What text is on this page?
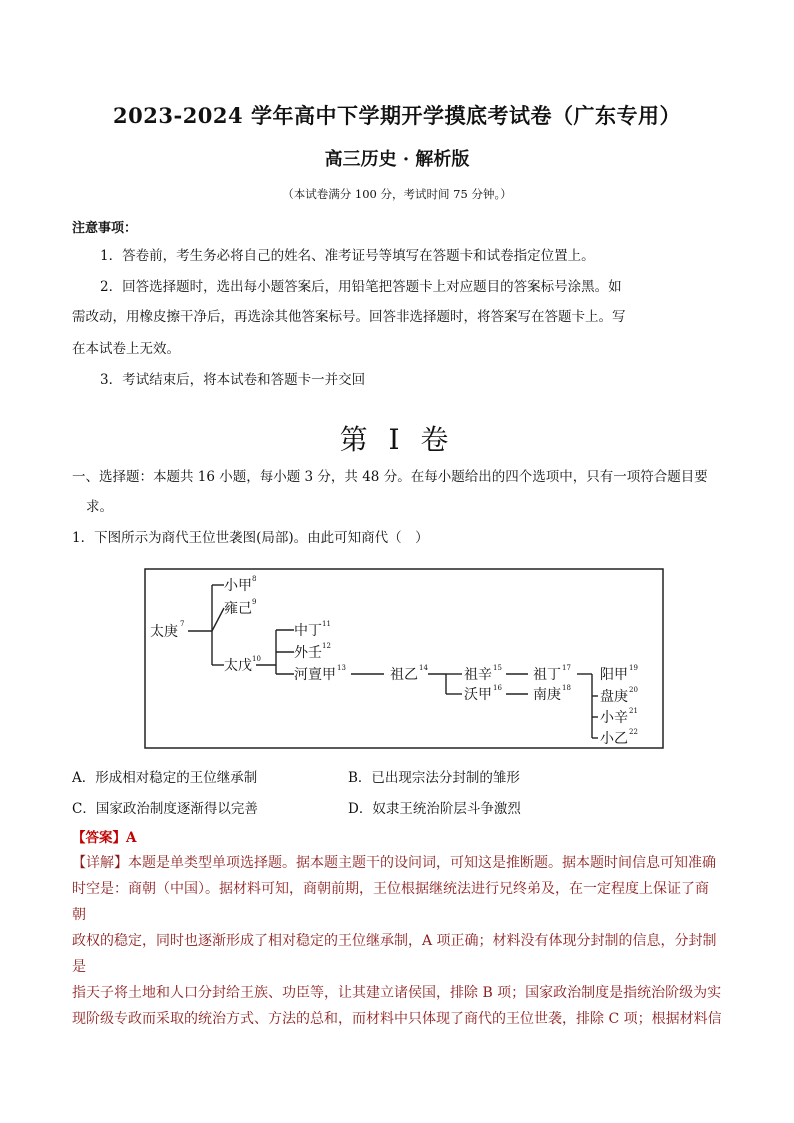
2023-2024 学年高中下学期开学摸底考试卷（广东专用）
高三历史 · 解析版
（本试卷满分 100 分，考试时间 75 分钟。）
注意事项：
1．答卷前，考生务必将自己的姓名、准考证号等填写在答题卡和试卷指定位置上。
2．回答选择题时，选出每小题答案后，用铅笔把答题卡上对应题目的答案标号涂黑。如
需改动，用橡皮擦干净后，再选涂其他答案标号。回答非选择题时，将答案写在答题卡上。写
在本试卷上无效。
3．考试结束后，将本试卷和答题卡一并交回
第 I 卷
一、选择题：本题共 16 小题，每小题 3 分，共 48 分。在每小题给出的四个选项中，只有一项符合题目要
求。
1．下图所示为商代王位世袭图(局部)。由此可知商代（　）
太庚 7
小甲 8
雍己 9
太戊 10
中丁 11
外壬 12
河亶甲 13	祖乙 14	祖辛 15
沃甲 16
祖丁 17
南庚 18
阳甲 19
盘庚 20
小辛 21
小乙 22
A．形成相对稳定的王位继承制	B．已出现宗法分封制的雏形
C．国家政治制度逐渐得以完善	D．奴隶王统治阶层斗争激烈
【答案】A
【详解】本题是单类型单项选择题。据本题主题干的设问词，可知这是推断题。据本题时间信息可知准确
时空是：商朝（中国）。据材料可知，商朝前期，王位根据继统法进行兄终弟及，在一定程度上保证了商朝
政权的稳定，同时也逐渐形成了相对稳定的王位继承制，A 项正确；材料没有体现分封制的信息，分封制是
指天子将土地和人口分封给王族、功臣等，让其建立诸侯国，排除 B 项；国家政治制度是指统治阶级为实
现阶级专政而采取的统治方式、方法的总和，而材料中只体现了商代的王位世袭，排除 C 项；根据材料信
